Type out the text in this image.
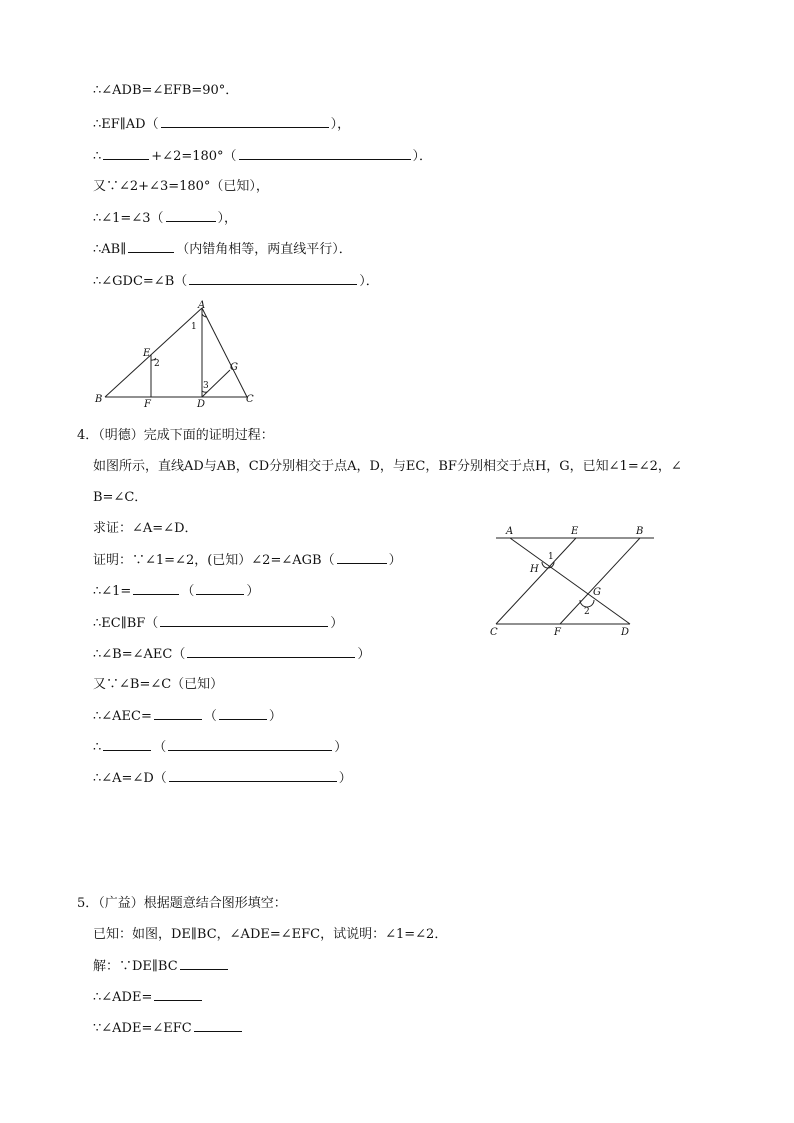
∴∠ADB=∠EFB=90°．
∴EF∥AD（	），
∴	+∠2=180°（	）．
又∵∠2+∠3=180°（已知），
∴∠1=∠3（	），
∴AB∥	（内错角相等，两直线平行）．
∴∠GDC=∠B（	）．
A
B	C
D
E
F
G
1
2
3
4．（明德）完成下面的证明过程：
如图所示，直线AD与AB，CD分别相交于点A，D，与EC，BF分别相交于点H，G，已知∠1=∠2，∠
B=∠C．
求证：∠A=∠D．
证明：∵∠1=∠2，(已知）∠2=∠AGB（	）
∴∠1=	（	）
∴EC∥BF（	）
∴∠B=∠AEC（	）
又∵∠B=∠C（已知）
∴∠AEC=	（	）
∴	（	）
∴∠A=∠D（	）
A	E	B
H
G
C	F	D
1
2
5．（广益）根据题意结合图形填空：
已知：如图，DE∥BC，∠ADE=∠EFC，试说明：∠1=∠2．
解：∵DE∥BC
∴∠ADE=
∵∠ADE=∠EFC
